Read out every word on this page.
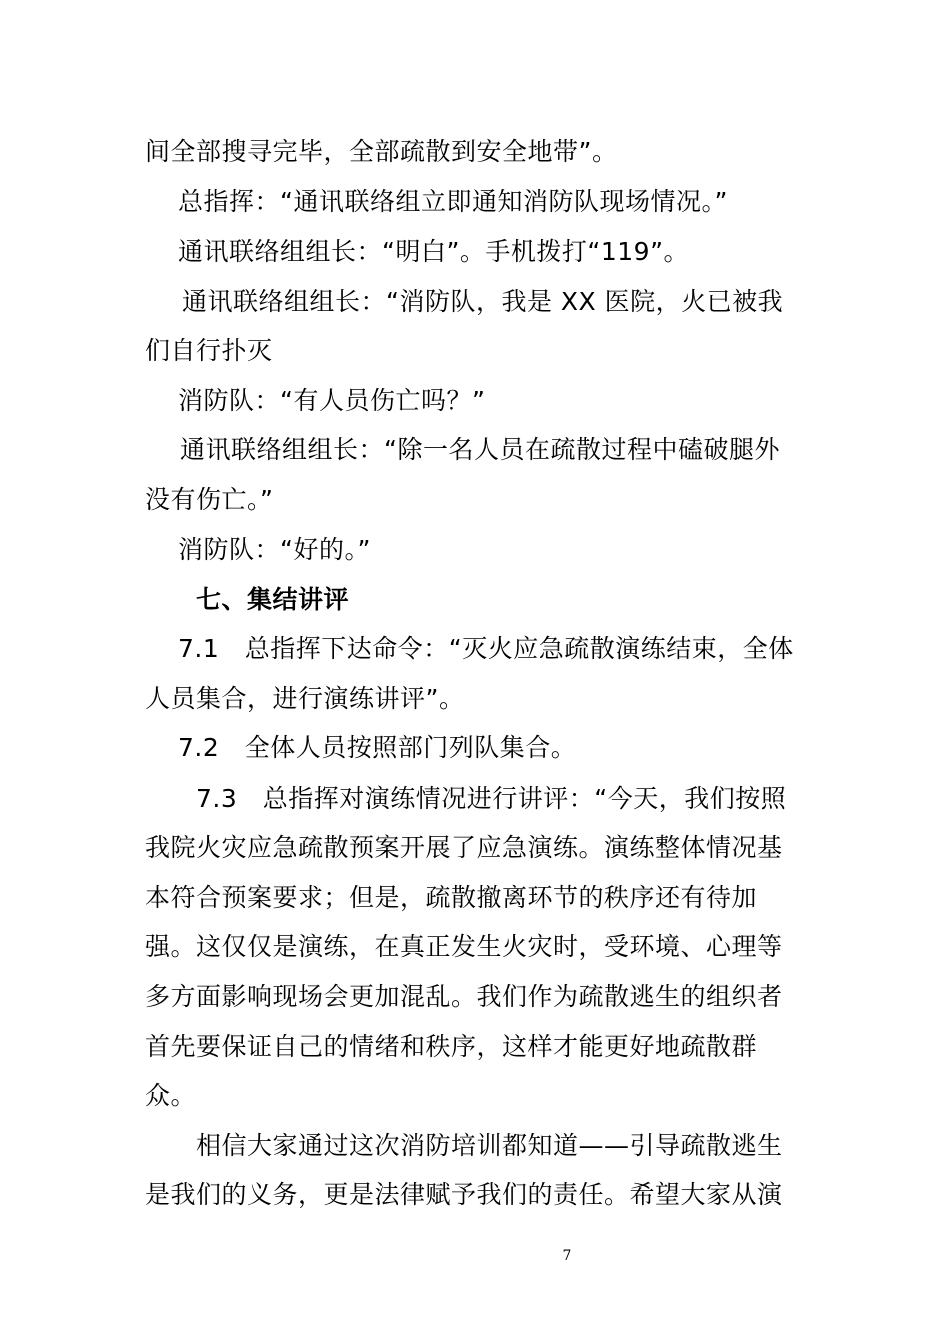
间全部搜寻完毕，全部疏散到安全地带”。
总指挥：“通讯联络组立即通知消防队现场情况。”
通讯联络组组长：“明白”。手机拨打“119”。
通讯联络组组长：“消防队，我是 XX 医院，火已被我
们自行扑灭
消防队：“有人员伤亡吗？”
通讯联络组组长：“除一名人员在疏散过程中磕破腿外
没有伤亡。”
消防队：“好的。”
七、集结讲评
7.1　总指挥下达命令：“灭火应急疏散演练结束，全体
人员集合，进行演练讲评”。
7.2　全体人员按照部门列队集合。
7.3　总指挥对演练情况进行讲评：“今天，我们按照
我院火灾应急疏散预案开展了应急演练。演练整体情况基
本符合预案要求；但是，疏散撤离环节的秩序还有待加
强。这仅仅是演练，在真正发生火灾时，受环境、心理等
多方面影响现场会更加混乱。我们作为疏散逃生的组织者
首先要保证自己的情绪和秩序，这样才能更好地疏散群
众。
相信大家通过这次消防培训都知道——引导疏散逃生
是我们的义务，更是法律赋予我们的责任。希望大家从演
7
